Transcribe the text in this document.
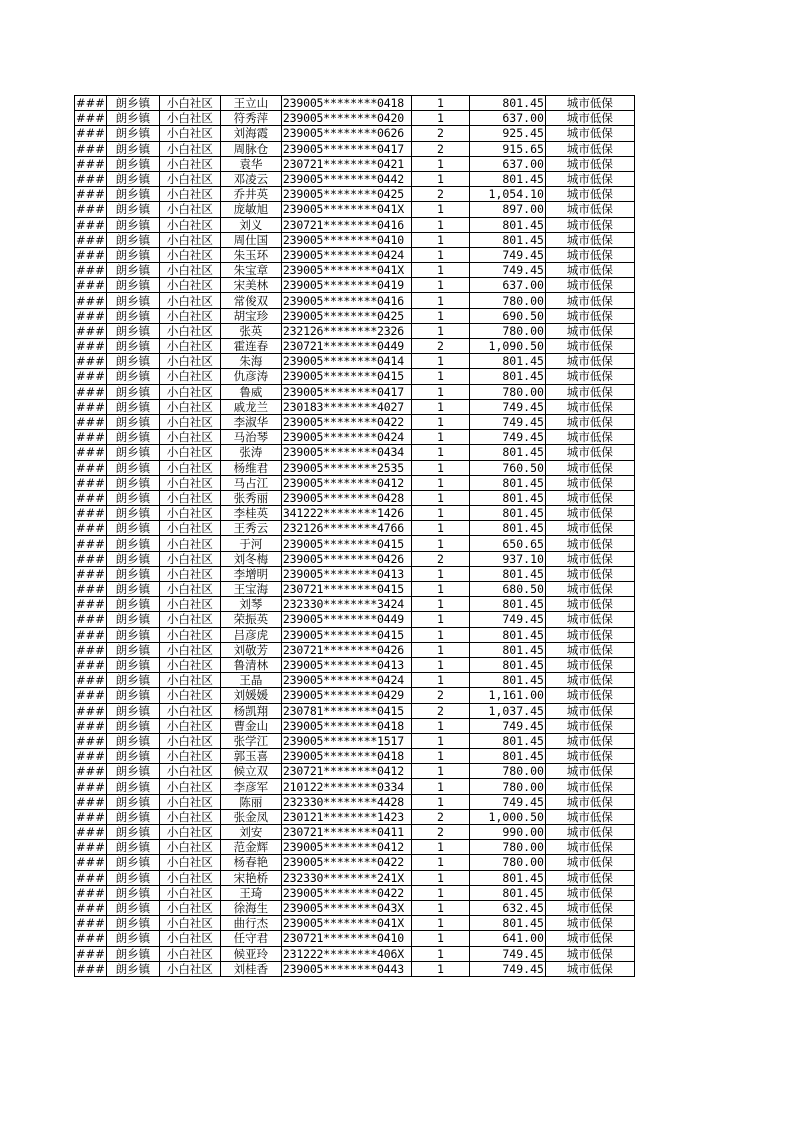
###	朗乡镇	小白社区	王立山	239005********0418	1	801.45	城市低保
###	朗乡镇	小白社区	符秀萍	239005********0420	1	637.00	城市低保
###	朗乡镇	小白社区	刘海霞	239005********0626	2	925.45	城市低保
###	朗乡镇	小白社区	周脉仓	239005********0417	2	915.65	城市低保
###	朗乡镇	小白社区	袁华	230721********0421	1	637.00	城市低保
###	朗乡镇	小白社区	邓凌云	239005********0442	1	801.45	城市低保
###	朗乡镇	小白社区	乔井英	239005********0425	2	1,054.10	城市低保
###	朗乡镇	小白社区	庞敏旭	239005********041X	1	897.00	城市低保
###	朗乡镇	小白社区	刘义	230721********0416	1	801.45	城市低保
###	朗乡镇	小白社区	周仕国	239005********0410	1	801.45	城市低保
###	朗乡镇	小白社区	朱玉环	239005********0424	1	749.45	城市低保
###	朗乡镇	小白社区	朱宝章	239005********041X	1	749.45	城市低保
###	朗乡镇	小白社区	宋美林	239005********0419	1	637.00	城市低保
###	朗乡镇	小白社区	常俊双	239005********0416	1	780.00	城市低保
###	朗乡镇	小白社区	胡宝珍	239005********0425	1	690.50	城市低保
###	朗乡镇	小白社区	张英	232126********2326	1	780.00	城市低保
###	朗乡镇	小白社区	霍连春	230721********0449	2	1,090.50	城市低保
###	朗乡镇	小白社区	朱海	239005********0414	1	801.45	城市低保
###	朗乡镇	小白社区	仇彦涛	239005********0415	1	801.45	城市低保
###	朗乡镇	小白社区	鲁威	239005********0417	1	780.00	城市低保
###	朗乡镇	小白社区	戚龙兰	230183********4027	1	749.45	城市低保
###	朗乡镇	小白社区	李淑华	239005********0422	1	749.45	城市低保
###	朗乡镇	小白社区	马治琴	239005********0424	1	749.45	城市低保
###	朗乡镇	小白社区	张涛	239005********0434	1	801.45	城市低保
###	朗乡镇	小白社区	杨维君	239005********2535	1	760.50	城市低保
###	朗乡镇	小白社区	马占江	239005********0412	1	801.45	城市低保
###	朗乡镇	小白社区	张秀丽	239005********0428	1	801.45	城市低保
###	朗乡镇	小白社区	李桂英	341222********1426	1	801.45	城市低保
###	朗乡镇	小白社区	王秀云	232126********4766	1	801.45	城市低保
###	朗乡镇	小白社区	于河	239005********0415	1	650.65	城市低保
###	朗乡镇	小白社区	刘冬梅	239005********0426	2	937.10	城市低保
###	朗乡镇	小白社区	李增明	239005********0413	1	801.45	城市低保
###	朗乡镇	小白社区	王宝海	230721********0415	1	680.50	城市低保
###	朗乡镇	小白社区	刘琴	232330********3424	1	801.45	城市低保
###	朗乡镇	小白社区	荣振英	239005********0449	1	749.45	城市低保
###	朗乡镇	小白社区	吕彦虎	239005********0415	1	801.45	城市低保
###	朗乡镇	小白社区	刘敬芳	230721********0426	1	801.45	城市低保
###	朗乡镇	小白社区	鲁清林	239005********0413	1	801.45	城市低保
###	朗乡镇	小白社区	王晶	239005********0424	1	801.45	城市低保
###	朗乡镇	小白社区	刘媛媛	239005********0429	2	1,161.00	城市低保
###	朗乡镇	小白社区	杨凯翔	230781********0415	2	1,037.45	城市低保
###	朗乡镇	小白社区	曹金山	239005********0418	1	749.45	城市低保
###	朗乡镇	小白社区	张学江	239005********1517	1	801.45	城市低保
###	朗乡镇	小白社区	郭玉喜	239005********0418	1	801.45	城市低保
###	朗乡镇	小白社区	候立双	230721********0412	1	780.00	城市低保
###	朗乡镇	小白社区	李彦军	210122********0334	1	780.00	城市低保
###	朗乡镇	小白社区	陈丽	232330********4428	1	749.45	城市低保
###	朗乡镇	小白社区	张金凤	230121********1423	2	1,000.50	城市低保
###	朗乡镇	小白社区	刘安	230721********0411	2	990.00	城市低保
###	朗乡镇	小白社区	范金辉	239005********0412	1	780.00	城市低保
###	朗乡镇	小白社区	杨春艳	239005********0422	1	780.00	城市低保
###	朗乡镇	小白社区	宋艳桥	232330********241X	1	801.45	城市低保
###	朗乡镇	小白社区	王琦	239005********0422	1	801.45	城市低保
###	朗乡镇	小白社区	徐海生	239005********043X	1	632.45	城市低保
###	朗乡镇	小白社区	曲行杰	239005********041X	1	801.45	城市低保
###	朗乡镇	小白社区	任守君	230721********0410	1	641.00	城市低保
###	朗乡镇	小白社区	候亚玲	231222********406X	1	749.45	城市低保
###	朗乡镇	小白社区	刘桂香	239005********0443	1	749.45	城市低保
